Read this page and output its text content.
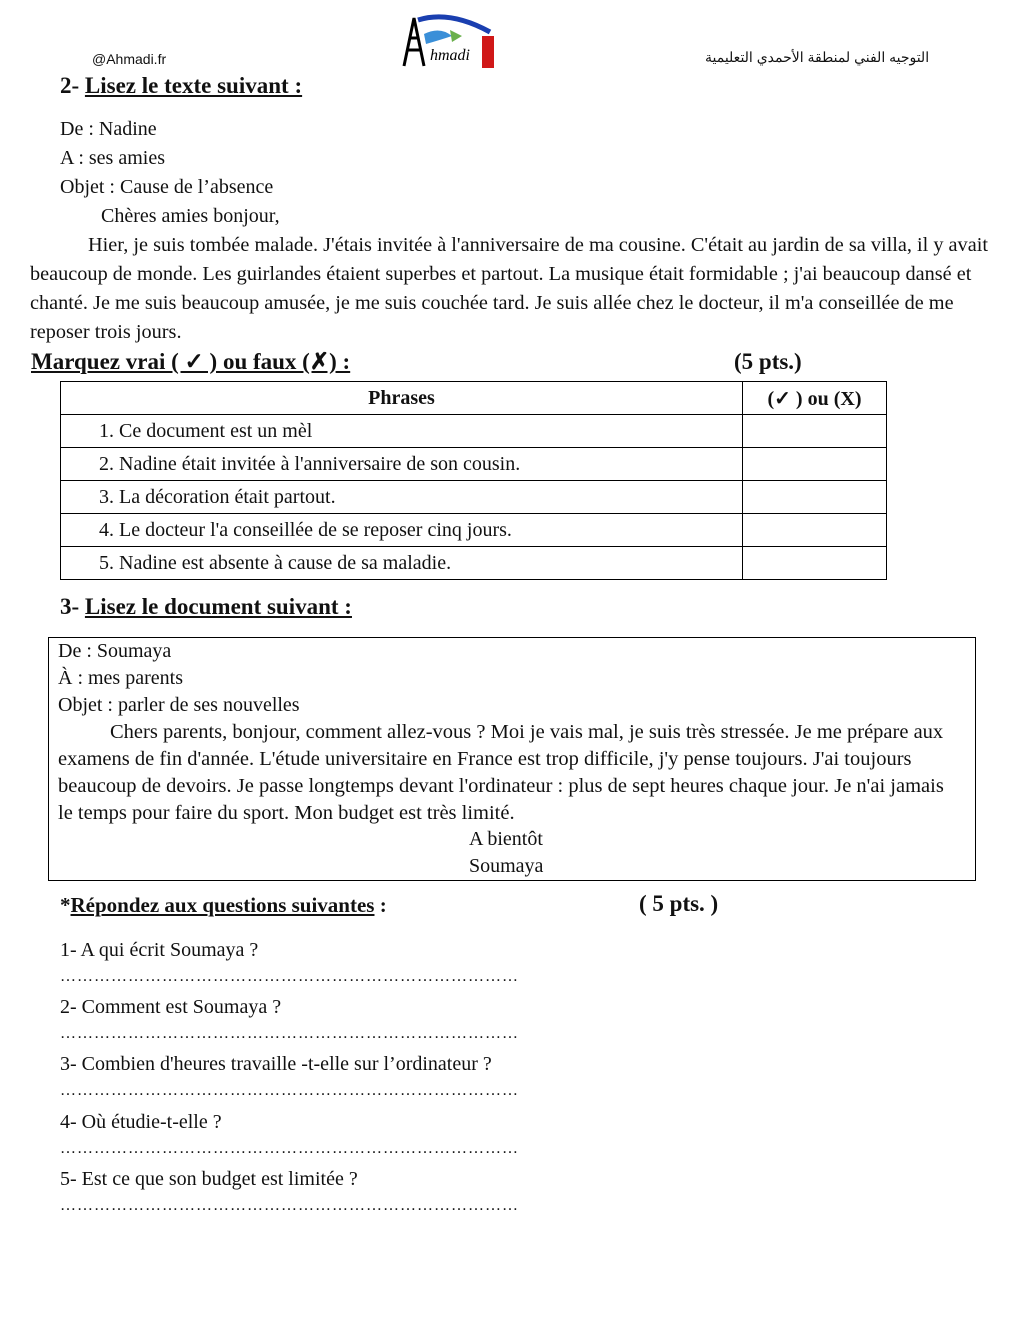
@Ahmadi.fr	hmadi	التوجيه الفني لمنطقة الأحمدي التعليمية
2- Lisez le texte suivant :
De : Nadine
A : ses amies
Objet : Cause de l’absence
Chères amies bonjour,
Hier, je suis tombée malade. J'étais invitée à l'anniversaire de ma cousine. C'était au jardin de sa villa, il y avait beaucoup de monde. Les guirlandes étaient superbes et partout. La musique était formidable ; j'ai beaucoup dansé et chanté. Je me suis beaucoup amusée, je me suis couchée tard. Je suis allée chez le docteur, il m'a conseillée de me reposer trois jours.
Marquez vrai ( ✓ ) ou faux (✗) :	(5 pts.)
Phrases	(✓ ) ou (X)
1. Ce document est un mèl	
2. Nadine était invitée à l'anniversaire de son cousin.	
3. La décoration était partout.	
4. Le docteur l'a conseillée de se reposer cinq jours.	
5. Nadine est absente à cause de sa maladie.	
3- Lisez le document suivant :
De : Soumaya
À : mes parents
Objet : parler de ses nouvelles
Chers parents, bonjour, comment allez-vous ? Moi je vais mal, je suis très stressée. Je me prépare aux examens de fin d'année. L'étude universitaire en France est trop difficile, j'y pense toujours. J'ai toujours beaucoup de devoirs. Je passe longtemps devant l'ordinateur : plus de sept heures chaque jour. Je n'ai jamais le temps pour faire du sport. Mon budget est très limité.
A bientôt
Soumaya
*Répondez aux questions suivantes :	( 5 pts. )
1- A qui écrit Soumaya ?
………………………………………………………………………
2- Comment est Soumaya ?
………………………………………………………………………
3- Combien d'heures travaille -t-elle sur l’ordinateur ?
………………………………………………………………………
4- Où étudie-t-elle ?
………………………………………………………………………
5- Est ce que son budget est limitée ?
………………………………………………………………………
